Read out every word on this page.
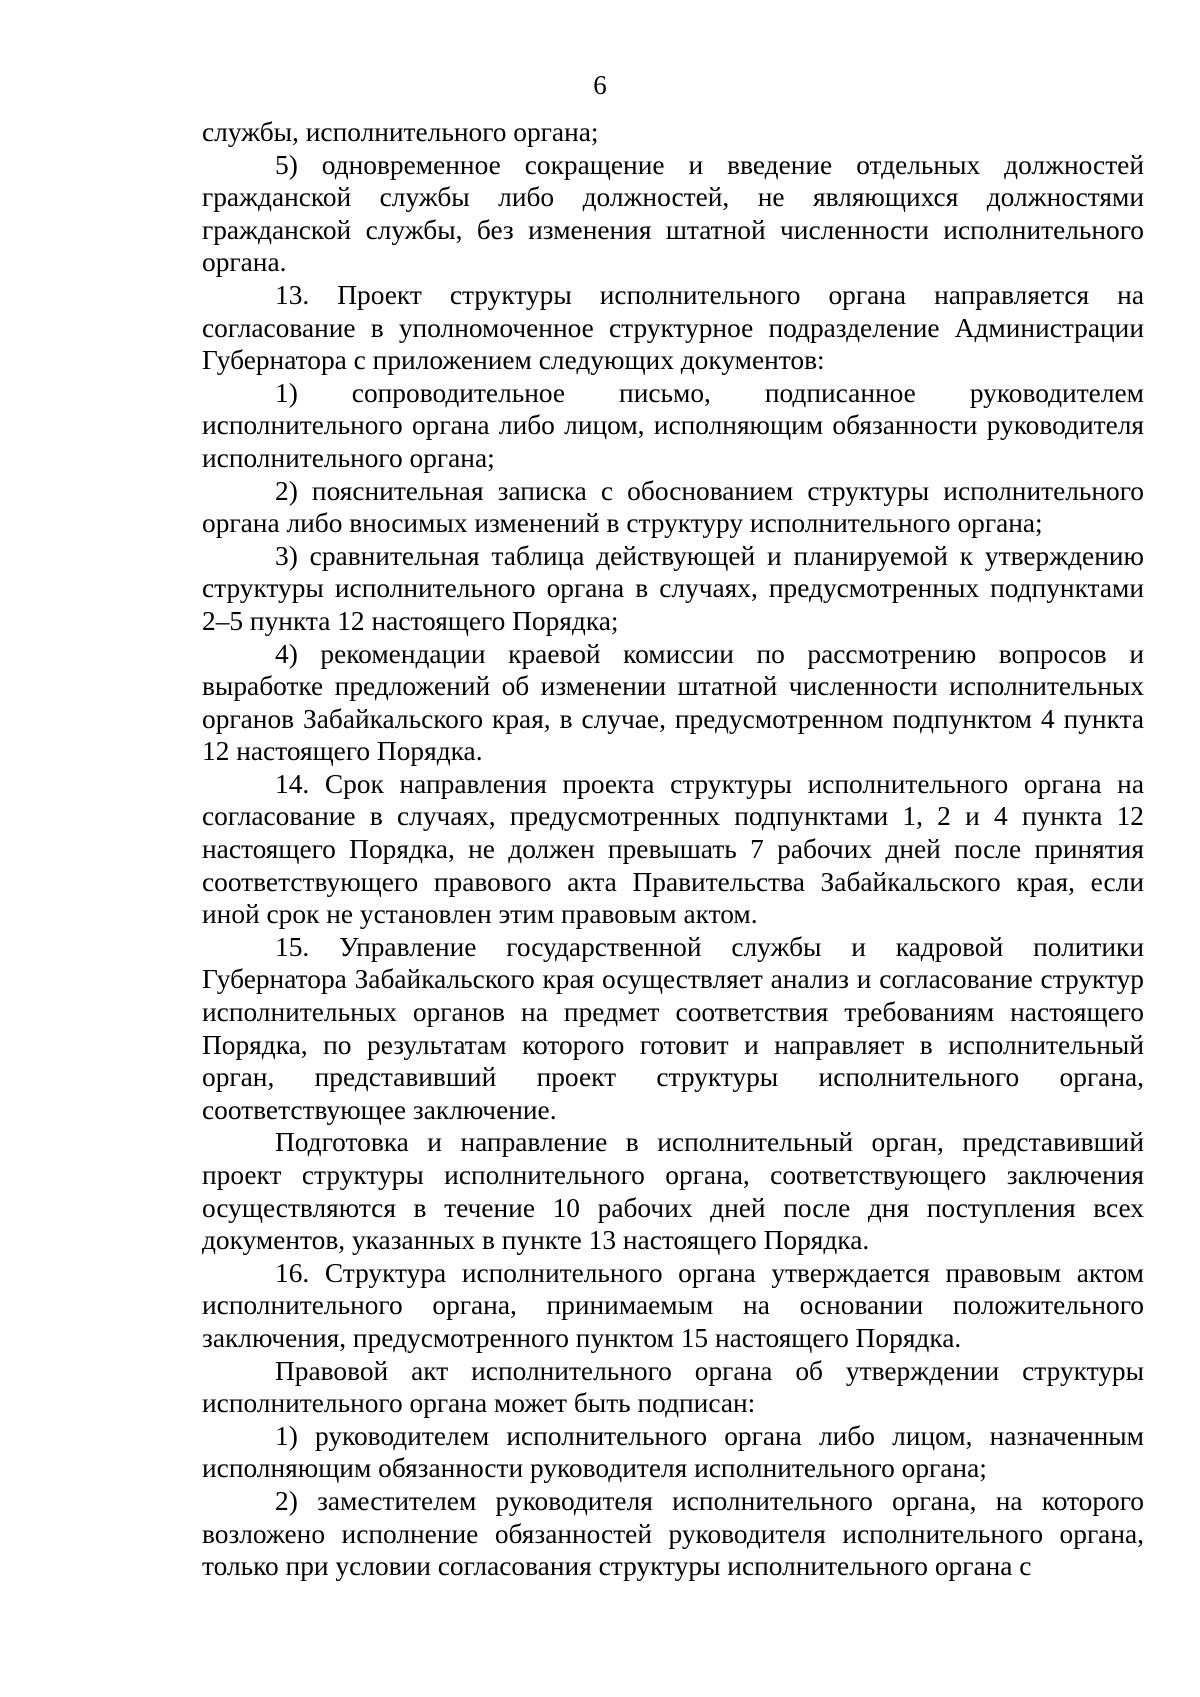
6

службы, исполнительного органа;

5) одновременное сокращение и введение отдельных должностей гражданской службы либо должностей, не являющихся должностями гражданской службы, без изменения штатной численности исполнительного органа.

13. Проект структуры исполнительного органа направляется на согласование в уполномоченное структурное подразделение Администрации Губернатора с приложением следующих документов:

1) сопроводительное письмо, подписанное руководителем исполнительного органа либо лицом, исполняющим обязанности руководителя исполнительного органа;

2) пояснительная записка с обоснованием структуры исполнительного органа либо вносимых изменений в структуру исполнительного органа;

3) сравнительная таблица действующей и планируемой к утверждению структуры исполнительного органа в случаях, предусмотренных подпунктами 2–5 пункта 12 настоящего Порядка;

4) рекомендации краевой комиссии по рассмотрению вопросов и выработке предложений об изменении штатной численности исполнительных органов Забайкальского края, в случае, предусмотренном подпунктом 4 пункта 12 настоящего Порядка.

14. Срок направления проекта структуры исполнительного органа на согласование в случаях, предусмотренных подпунктами 1, 2 и 4 пункта 12 настоящего Порядка, не должен превышать 7 рабочих дней после принятия соответствующего правового акта Правительства Забайкальского края, если иной срок не установлен этим правовым актом.

15. Управление государственной службы и кадровой политики Губернатора Забайкальского края осуществляет анализ и согласование структур исполнительных органов на предмет соответствия требованиям настоящего Порядка, по результатам которого готовит и направляет в исполнительный орган, представивший проект структуры исполнительного органа, соответствующее заключение.

Подготовка и направление в исполнительный орган, представивший проект структуры исполнительного органа, соответствующего заключения осуществляются в течение 10 рабочих дней после дня поступления всех документов, указанных в пункте 13 настоящего Порядка.

16. Структура исполнительного органа утверждается правовым актом исполнительного органа, принимаемым на основании положительного заключения, предусмотренного пунктом 15 настоящего Порядка.

Правовой акт исполнительного органа об утверждении структуры исполнительного органа может быть подписан:

1) руководителем исполнительного органа либо лицом, назначенным исполняющим обязанности руководителя исполнительного органа;

2) заместителем руководителя исполнительного органа, на которого возложено исполнение обязанностей руководителя исполнительного органа, только при условии согласования структуры исполнительного органа с
